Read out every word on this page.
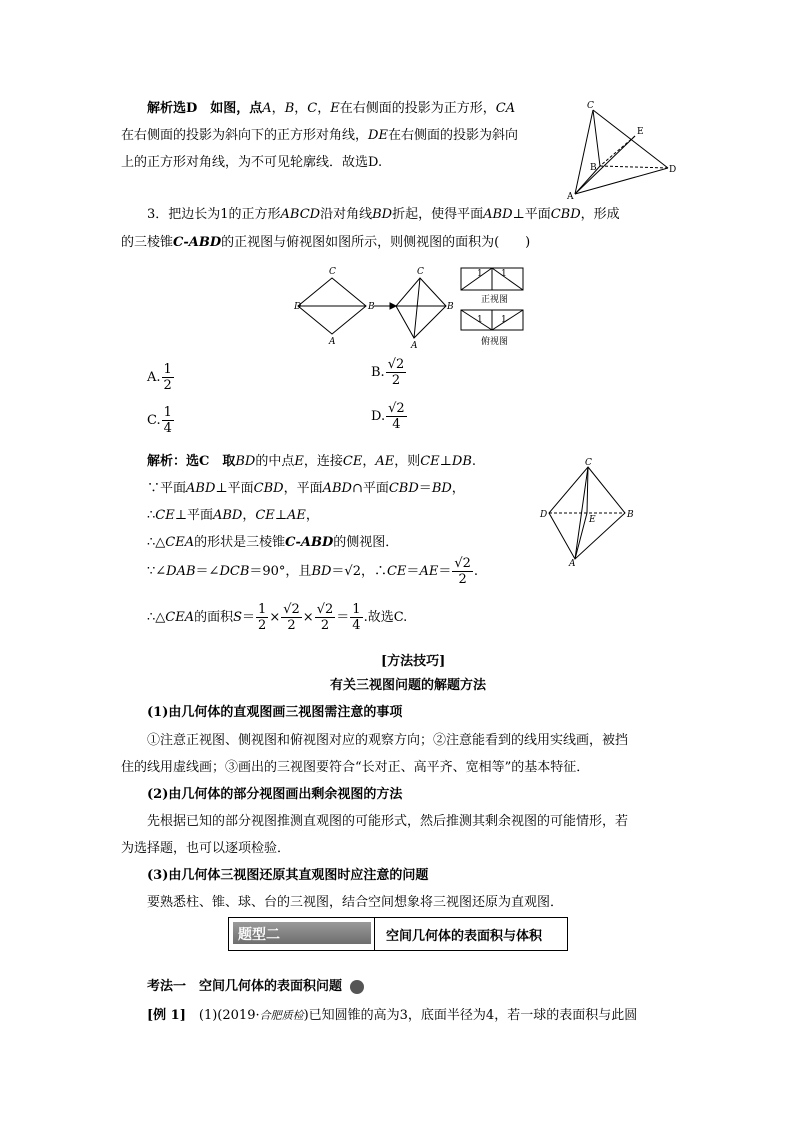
解析选D　如图，点A，B，C，E在右侧面的投影为正方形，CA
在右侧面的投影为斜向下的正方形对角线，DE在右侧面的投影为斜向
上的正方形对角线，为不可见轮廓线．故选D.
C
E
B	D
A
3．把边长为1的正方形ABCD沿对角线BD折起，使得平面ABD⊥平面CBD，形成
的三棱锥C-ABD的正视图与俯视图如图所示，则侧视图的面积为(　　)
C
D	B
A
C
B
A
1 1
1 1
正视图
俯视图
A. $\frac{1}{2}$	B. $\frac{√2}{2}$
C. $\frac{1}{4}$	D. $\frac{√2}{4}$
解析：选C　取BD的中点E，连接CE，AE，则CE⊥DB.
∵平面ABD⊥平面CBD，平面ABD∩平面CBD＝BD，
∴CE⊥平面ABD，CE⊥AE，
∴△CEA的形状是三棱锥C-ABD的侧视图．
∵∠DAB＝∠DCB＝90°，且BD＝√2，∴CE＝AE＝ $\frac{√2}{2}$ .
∴△CEA的面积$S= \frac{1}{2} \times \frac{√2}{2} \times \frac{√2}{2} = \frac{1}{4}$ .故选C.
C
D	B
E
A
[方法技巧]
有关三视图问题的解题方法
(1)由几何体的直观图画三视图需注意的事项
①注意正视图、侧视图和俯视图对应的观察方向；②注意能看到的线用实线画，被挡
住的线用虚线画；③画出的三视图要符合“长对正、高平齐、宽相等”的基本特征．
(2)由几何体的部分视图画出剩余视图的方法
先根据已知的部分视图推测直观图的可能形式，然后推测其剩余视图的可能情形，若
为选择题，也可以逐项检验．
(3)由几何体三视图还原其直观图时应注意的问题
要熟悉柱、锥、球、台的三视图，结合空间想象将三视图还原为直观图．
题型二	空间几何体的表面积与体积
考法一　空间几何体的表面积问题
[例 1]　 (1)(2019·合肥质检)已知圆锥的高为3，底面半径为4，若一球的表面积与此圆
